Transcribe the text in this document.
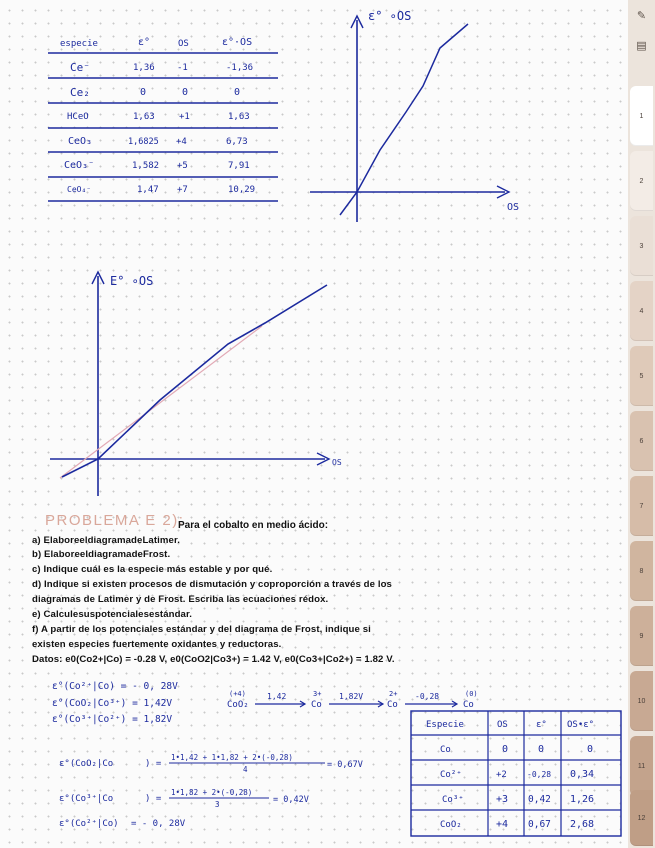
especie	ε°	OS	ε°·OS
Ce⁻	1,36 -1	-1,36
Ce₂	0	0	0
HCeO	1,63	+1	1,63
CeO₃	1,6825 +4	6,73
CeO₃⁻	1,582 +5	7,91
CeO₄⁻	1,47 +7	10,29
ε° ∘OS
OS
E° ∘OS
OS
PROBLEMA E 2):
Para el cobalto en medio ácido:
a) ElaboreeldiagramadeLatimer.
b) ElaboreeldiagramadeFrost.
c) Indique cuál es la especie más estable y por qué.
d) Indique si existen procesos de dismutación y coproporción a través de los
diagramas de Latimer y de Frost. Escriba las ecuaciones rédox.
e) Calculesuspotencialesestándar.
f) A partir de los potenciales estándar y del diagrama de Frost, indique si
existen especies fuertemente oxidantes y reductoras.
Datos: e0(Co2+|Co) = -0.28 V, e0(CoO2|Co3+) = 1.42 V, e0(Co3+|Co2+) = 1.82 V.
ε°(Co²⁺|Co) = - 0, 28V
ε°(CoO₂|Co³⁺) = 1,42V
ε°(Co³⁺|Co²⁺) = 1,82V
(+4)
CoO₂
1,42	3+
Co
1,82V	2+
Co
-0,28	(0)
Co
ε°(CoO₂|Co	) =
1•1,42 + 1•1,82 + 2•(-0,28)
4	= 0,67V
ε°(Co³⁺|Co	) =
1•1,82 + 2•(-0,28)
3	= 0,42V
ε°(Co²⁺|Co) = - 0, 28V
Especie	OS	ε° OS•ε°
Co	0	0	0
Co²⁺	+2	-0,28 0,34
Co³⁺	+3 0,42 1,26
CoO₂	+4 0,67 2,68
✎
▤
1
2
3
4
5
6
7
8
9
10
11
12
